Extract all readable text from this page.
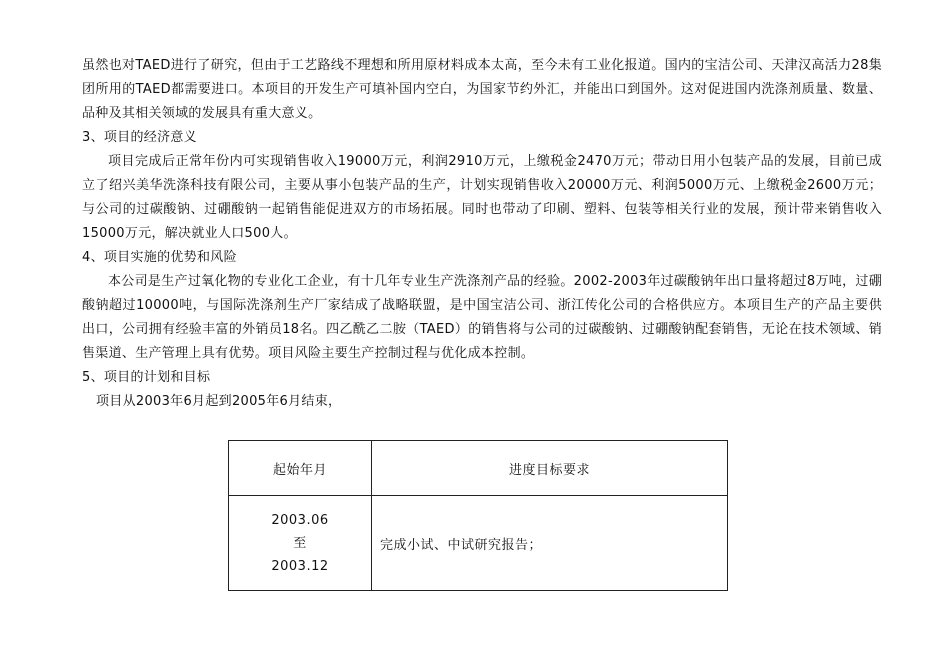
虽然也对TAED进行了研究，但由于工艺路线不理想和所用原材料成本太高，至今未有工业化报道。国内的宝洁公司、天津汉高活力28集团所用的TAED都需要进口。本项目的开发生产可填补国内空白，为国家节约外汇，并能出口到国外。这对促进国内洗涤剂质量、数量、品种及其相关领域的发展具有重大意义。

3、项目的经济意义

项目完成后正常年份内可实现销售收入19000万元，利润2910万元，上缴税金2470万元；带动日用小包装产品的发展，目前已成立了绍兴美华洗涤科技有限公司，主要从事小包装产品的生产，计划实现销售收入20000万元、利润5000万元、上缴税金2600万元；与公司的过碳酸钠、过硼酸钠一起销售能促进双方的市场拓展。同时也带动了印刷、塑料、包装等相关行业的发展，预计带来销售收入15000万元，解决就业人口500人。

4、项目实施的优势和风险

本公司是生产过氧化物的专业化工企业，有十几年专业生产洗涤剂产品的经验。2002-2003年过碳酸钠年出口量将超过8万吨，过硼酸钠超过10000吨，与国际洗涤剂生产厂家结成了战略联盟，是中国宝洁公司、浙江传化公司的合格供应方。本项目生产的产品主要供出口，公司拥有经验丰富的外销员18名。四乙酰乙二胺（TAED）的销售将与公司的过碳酸钠、过硼酸钠配套销售，无论在技术领域、销售渠道、生产管理上具有优势。项目风险主要生产控制过程与优化成本控制。

5、项目的计划和目标

项目从2003年6月起到2005年6月结束，

起始年月	进度目标要求

2003.06
至
2003.12	完成小试、中试研究报告；
